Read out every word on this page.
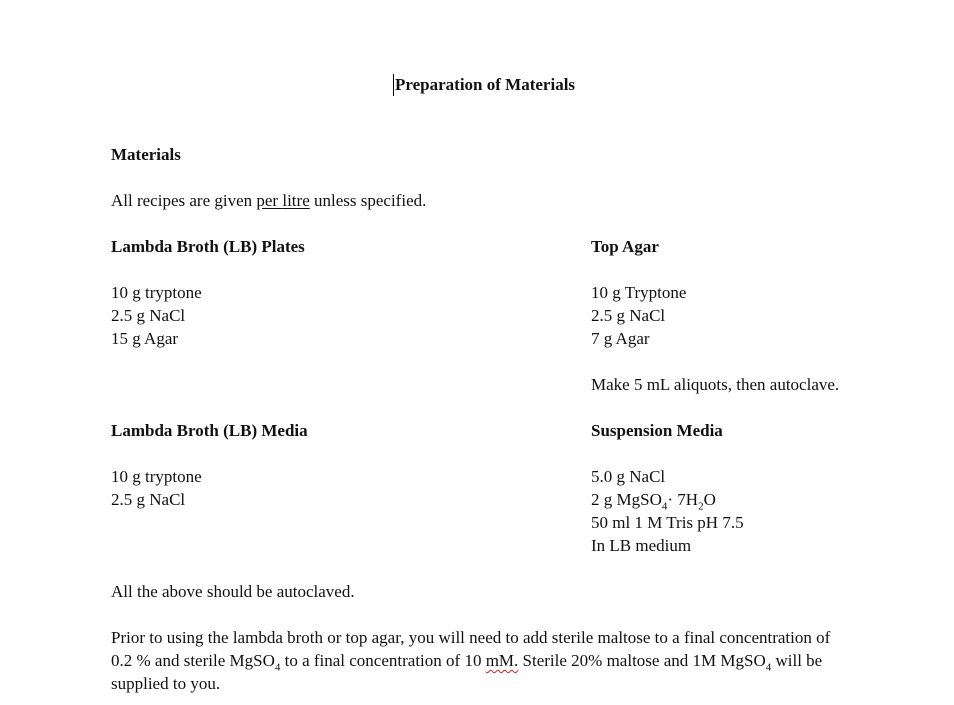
Preparation of Materials
Materials
All recipes are given per litre unless specified.
Lambda Broth (LB) Plates
10 g tryptone
2.5 g NaCl
15 g Agar
Top Agar
10 g Tryptone
2.5 g NaCl
7 g Agar
Make 5 mL aliquots, then autoclave.
Lambda Broth (LB) Media
10 g tryptone
2.5 g NaCl
Suspension Media
5.0 g NaCl
2 g MgSO$_4$· $7H_2O$
50 ml 1 M Tris pH 7.5
In LB medium
All the above should be autoclaved.
Prior to using the lambda broth or top agar, you will need to add sterile maltose to a final concentration of 0.2 % and sterile MgSO$_4$ to a final concentration of 10 mM. Sterile 20% maltose and 1M MgSO$_4$ will be supplied to you.
